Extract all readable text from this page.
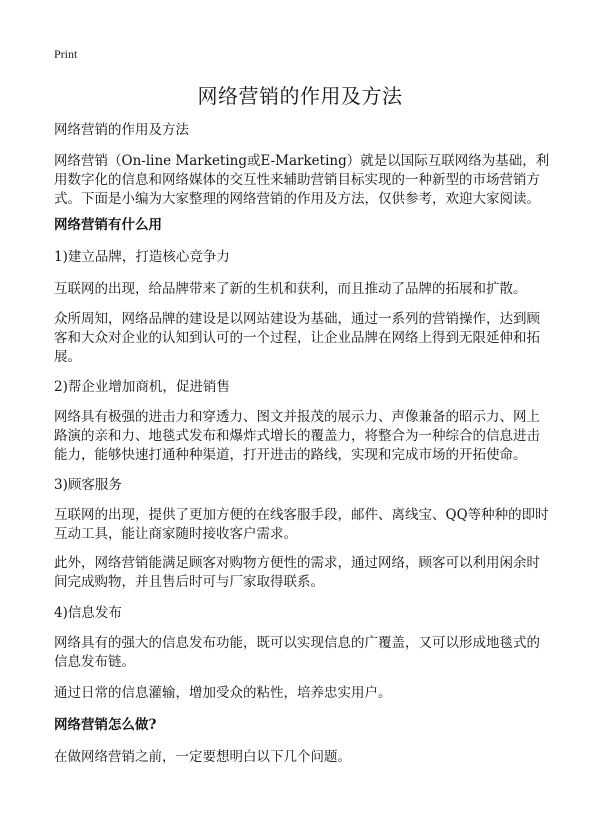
Print
网络营销的作用及方法

网络营销的作用及方法

网络营销（On-line Marketing或E-Marketing）就是以国际互联网络为基础，利用数字化的信息和网络媒体的交互性来辅助营销目标实现的一种新型的市场营销方式。下面是小编为大家整理的网络营销的作用及方法，仅供参考，欢迎大家阅读。

网络营销有什么用

1)建立品牌，打造核心竞争力

互联网的出现，给品牌带来了新的生机和获利，而且推动了品牌的拓展和扩散。

众所周知，网络品牌的建设是以网站建设为基础，通过一系列的营销操作，达到顾客和大众对企业的认知到认可的一个过程，让企业品牌在网络上得到无限延伸和拓展。

2)帮企业增加商机，促进销售

网络具有极强的进击力和穿透力、图文并报茂的展示力、声像兼备的昭示力、网上路演的亲和力、地毯式发布和爆炸式增长的覆盖力，将整合为一种综合的信息进击能力，能够快速打通种种渠道，打开进击的路线，实现和完成市场的开拓使命。

3)顾客服务

互联网的出现，提供了更加方便的在线客服手段，邮件、离线宝、QQ等种种的即时互动工具，能让商家随时接收客户需求。

此外，网络营销能满足顾客对购物方便性的需求，通过网络，顾客可以利用闲余时间完成购物，并且售后时可与厂家取得联系。

4)信息发布

网络具有的强大的信息发布功能，既可以实现信息的广覆盖，又可以形成地毯式的信息发布链。

通过日常的信息灌输，增加受众的粘性，培养忠实用户。

网络营销怎么做?

在做网络营销之前，一定要想明白以下几个问题。
